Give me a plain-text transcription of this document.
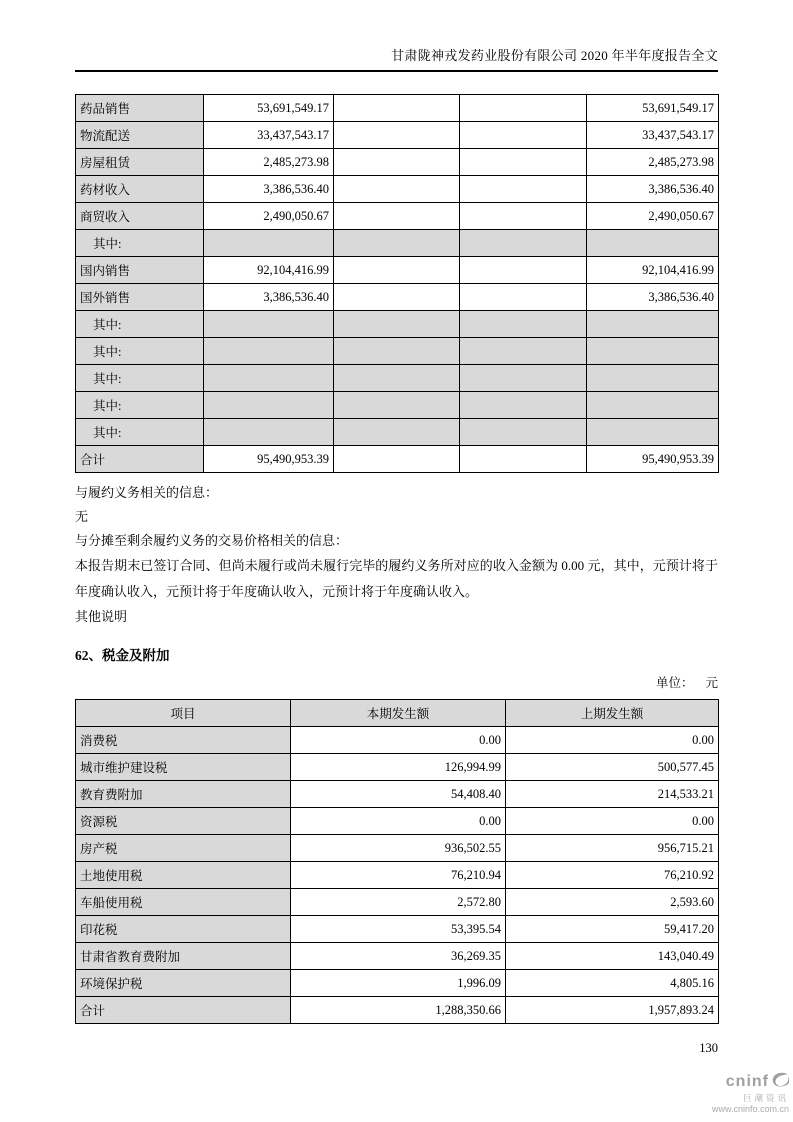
甘肃陇神戎发药业股份有限公司 2020 年半年度报告全文
药品销售	53,691,549.17			53,691,549.17
物流配送	33,437,543.17			33,437,543.17
房屋租赁	2,485,273.98			2,485,273.98
药材收入	3,386,536.40			3,386,536.40
商贸收入	2,490,050.67			2,490,050.67
其中:				
国内销售	92,104,416.99			92,104,416.99
国外销售	3,386,536.40			3,386,536.40
其中:				
其中:				
其中:				
其中:				
其中:				
合计	95,490,953.39			95,490,953.39

与履约义务相关的信息：

无

与分摊至剩余履约义务的交易价格相关的信息：

本报告期末已签订合同、但尚未履行或尚未履行完毕的履约义务所对应的收入金额为 0.00 元，其中，元预计将于年度确认收入，元预计将于年度确认收入，元预计将于年度确认收入。

其他说明

62、税金及附加
单位： 元
项目	本期发生额	上期发生额
消费税	0.00	0.00
城市维护建设税	126,994.99	500,577.45
教育费附加	54,408.40	214,533.21
资源税	0.00	0.00
房产税	936,502.55	956,715.21
土地使用税	76,210.94	76,210.92
车船使用税	2,572.80	2,593.60
印花税	53,395.54	59,417.20
甘肃省教育费附加	36,269.35	143,040.49
环境保护税	1,996.09	4,805.16
合计	1,288,350.66	1,957,893.24
130
cninf
巨潮资讯
www.cninfo.com.cn
